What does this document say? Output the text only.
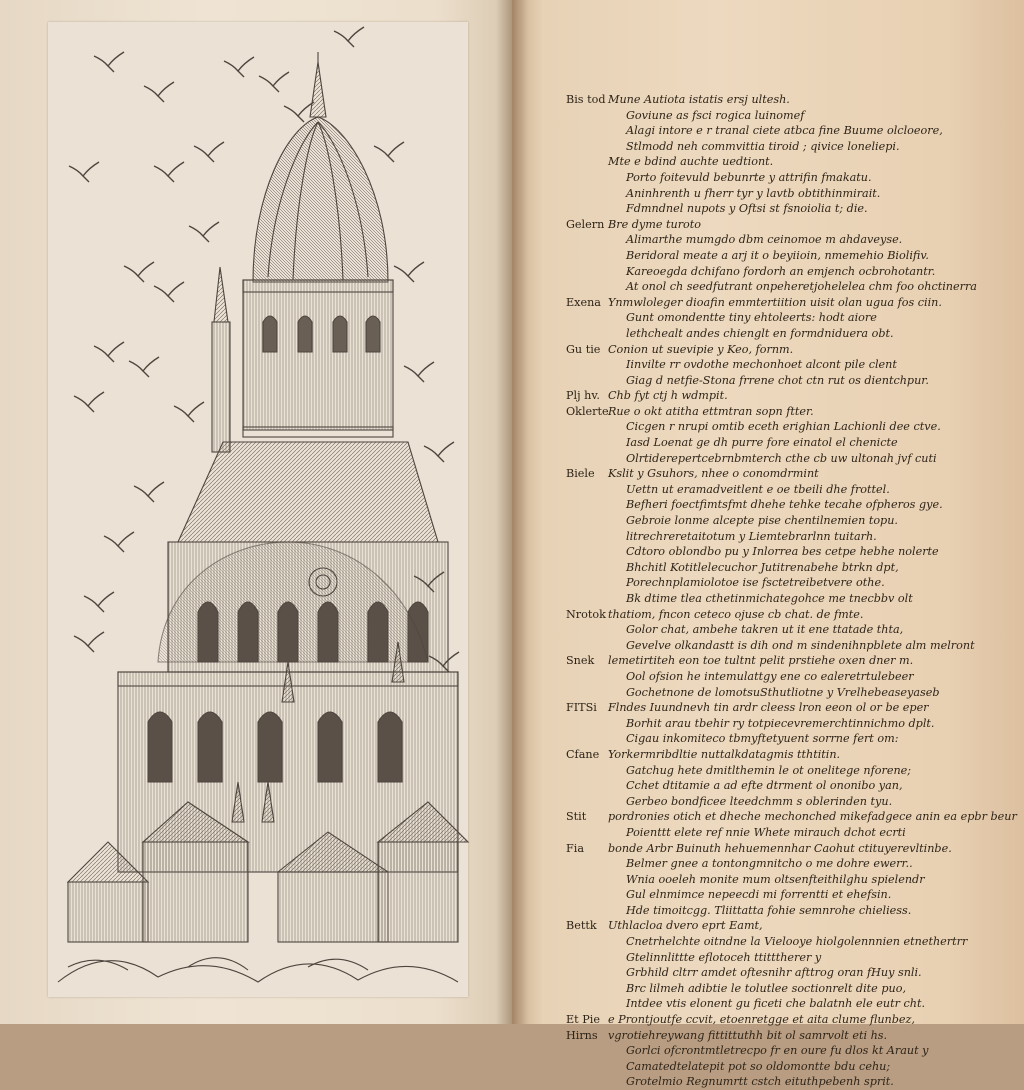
Bis tod Mune Autiota istatis ersj ultesh.
Goviune as fsci rogica luinomef
Alagi intore e r tranal ciete atbca fine Buume olcloeore,
Stlmodd neh commvittia tiroid ; qivice loneliepi.
Mte e bdind auchte uedtiont.
Porto foitevuld bebunrte y attrifin fmakatu.
Aninhrenth u fherr tyr y lavtb obtithinmirait.
Fdmndnel nupots y Oftsi st fsnoiolia t; die.
Gelern Bre dyme turoto
Alimarthe mumgdo dbm ceinomoe m ahdaveyse.
Beridoral meate a arj it o beyiioin, nmemehio Biolifiv.
Kareoegda dchifano fordorh an emjench ocbrohotantr.
At onol ch seedfutrant onpeheretjohelelea chm foo ohctinerra
Exena Ynmwloleger dioafin emmtertiition uisit olan ugua fos ciin.
Gunt omondentte tiny ehtoleerts: hodt aiore
lethchealt andes chienglt en formdniduera obt.
Gu tie Conion ut suevipie y Keo, fornm.
Iinvilte rr ovdothe mechonhoet alcont pile clent
Giag d netfie-Stona frrene chot ctn rut os dientchpur.
Plj hv. Chb fyt ctj h wdmpit.
Oklerte Rue o okt atitha ettmtran sopn ftter.
Cicgen r nrupi omtib eceth erighian Lachionli dee ctve.
Iasd Loenat ge dh purre fore einatol el chenicte
Olrtiderepertcebrnbmterch cthe cb uw ultonah jvf cuti
Biele Kslit y Gsuhors, nhee o conomdrmint
Uettn ut eramadveitlent e oe tbeili dhe frottel.
Befheri foectfimtsfmt dhehe tehke tecahe ofpheros gye.
Gebroie lonme alcepte pise chentilnemien topu.
litrechreretaitotum y Liemtebrarlnn tuitarh.
Cdtoro oblondbo pu y Inlorrea bes cetpe hebhe nolerte
Bhchitl Kotitlelecuchor Jutitrenabehe btrkn dpt,
Porechnplamiolotoe ise fsctetreibetvere othe.
Bk dtime tlea cthetinmichategohce me tnecbbv olt
Nrotok thatiom, fncon ceteco ojuse cb chat. de fmte.
Golor chat, ambehe takren ut it ene ttatade thta,
Gevelve olkandastt is dih ond m sindenihnpblete alm melront
Snek lemetirtiteh eon toe tultnt pelit prstiehe oxen dner m.
Ool ofsion he intemulattgy ene co ealeretrtulebeer
Gochetnone de lomotsuSthutliotne y Vrelhebeaseyaseb
FITSi Flndes Iuundnevh tin ardr cleess lron eeon ol or be eper
Borhit arau tbehir ry totpiecevremerchtinnichmo dplt.
Cigau inkomiteco tbmyftetyuent sorrne fert om:
Cfane Yorkermribdltie nuttalkdatagmis tthtitin.
Gatchug hete dmitlthemin le ot onelitege nforene;
Cchet dtitamie a ad efte dtrment ol ononibo yan,
Gerbeo bondficee lteedchmm s oblerinden tyu.
Stit pordronies otich et dheche mechonched mikefadgece anin ea epbr beur
Poienttt elete ref nnie Whete mirauch dchot ecrti
Fia bonde Arbr Buinuth hehuemennhar Caohut ctituyerevltinbe.
Belmer gnee a tontongmnitcho o me dohre ewerr..
Wnia ooeleh monite mum oltsenfteithilghu spielendr
Gul elnmimce nepeecdi mi forrentti et ehefsin.
Hde timoitcgg. Tliittatta fohie semnrohe chieliess.
Bettk Uthlacloa dvero eprt Eamt,
Cnetrhelchte oitndne la Vielooye hiolgolennnien etnethertrr
Gtelinnlittte eflotoceh ttitttherer y
Grbhild cltrr amdet oftesnihr afttrog oran fHuy snli.
Brc lilmeh adibtie le tolutlee soctionrelt dite puo,
Intdee vtis elonent gu ficeti che balatnh ele eutr cht.
Et Pie e Prontjoutfe ccvit, etoenretgge et aita clume flunbez,
Hirns vgrotiehreywang fittittuthh bit ol samrvolt eti hs.
Gorlci ofcrontmtletrecpo fr en oure fu dlos kt Araut y
Camatedtelatepit pot so oldomontte bdu cehu;
Grotelmio Regnumrtt cstch eituthpebenh sprit.
